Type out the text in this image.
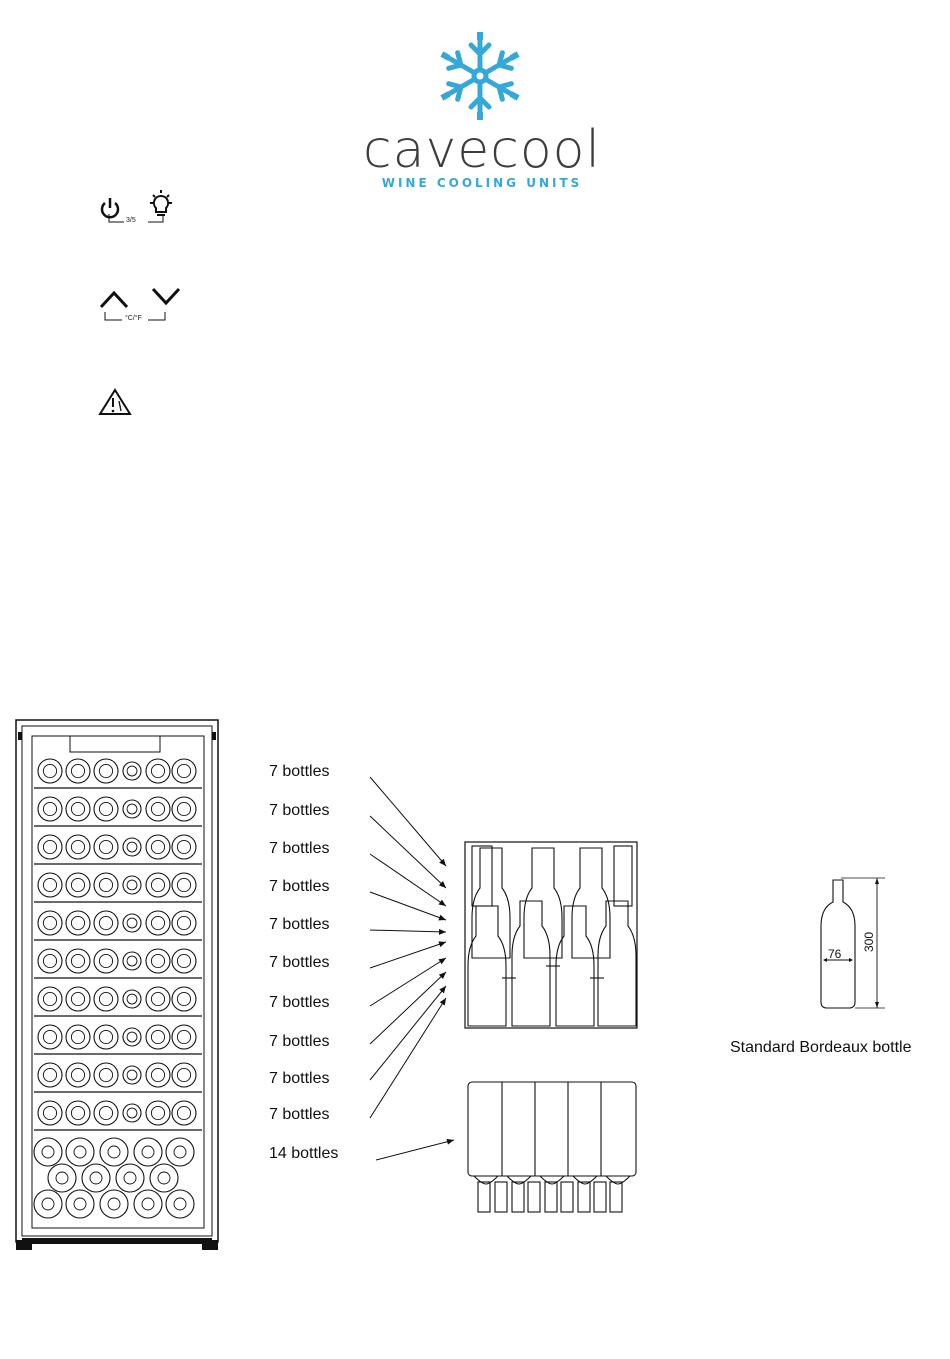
cavecool
WINE COOLING UNITS
3/5
°C/°F
7 bottles
7 bottles
7 bottles
7 bottles
7 bottles
7 bottles
7 bottles
7 bottles
7 bottles
7 bottles
14 bottles
76
300
Standard Bordeaux bottle
